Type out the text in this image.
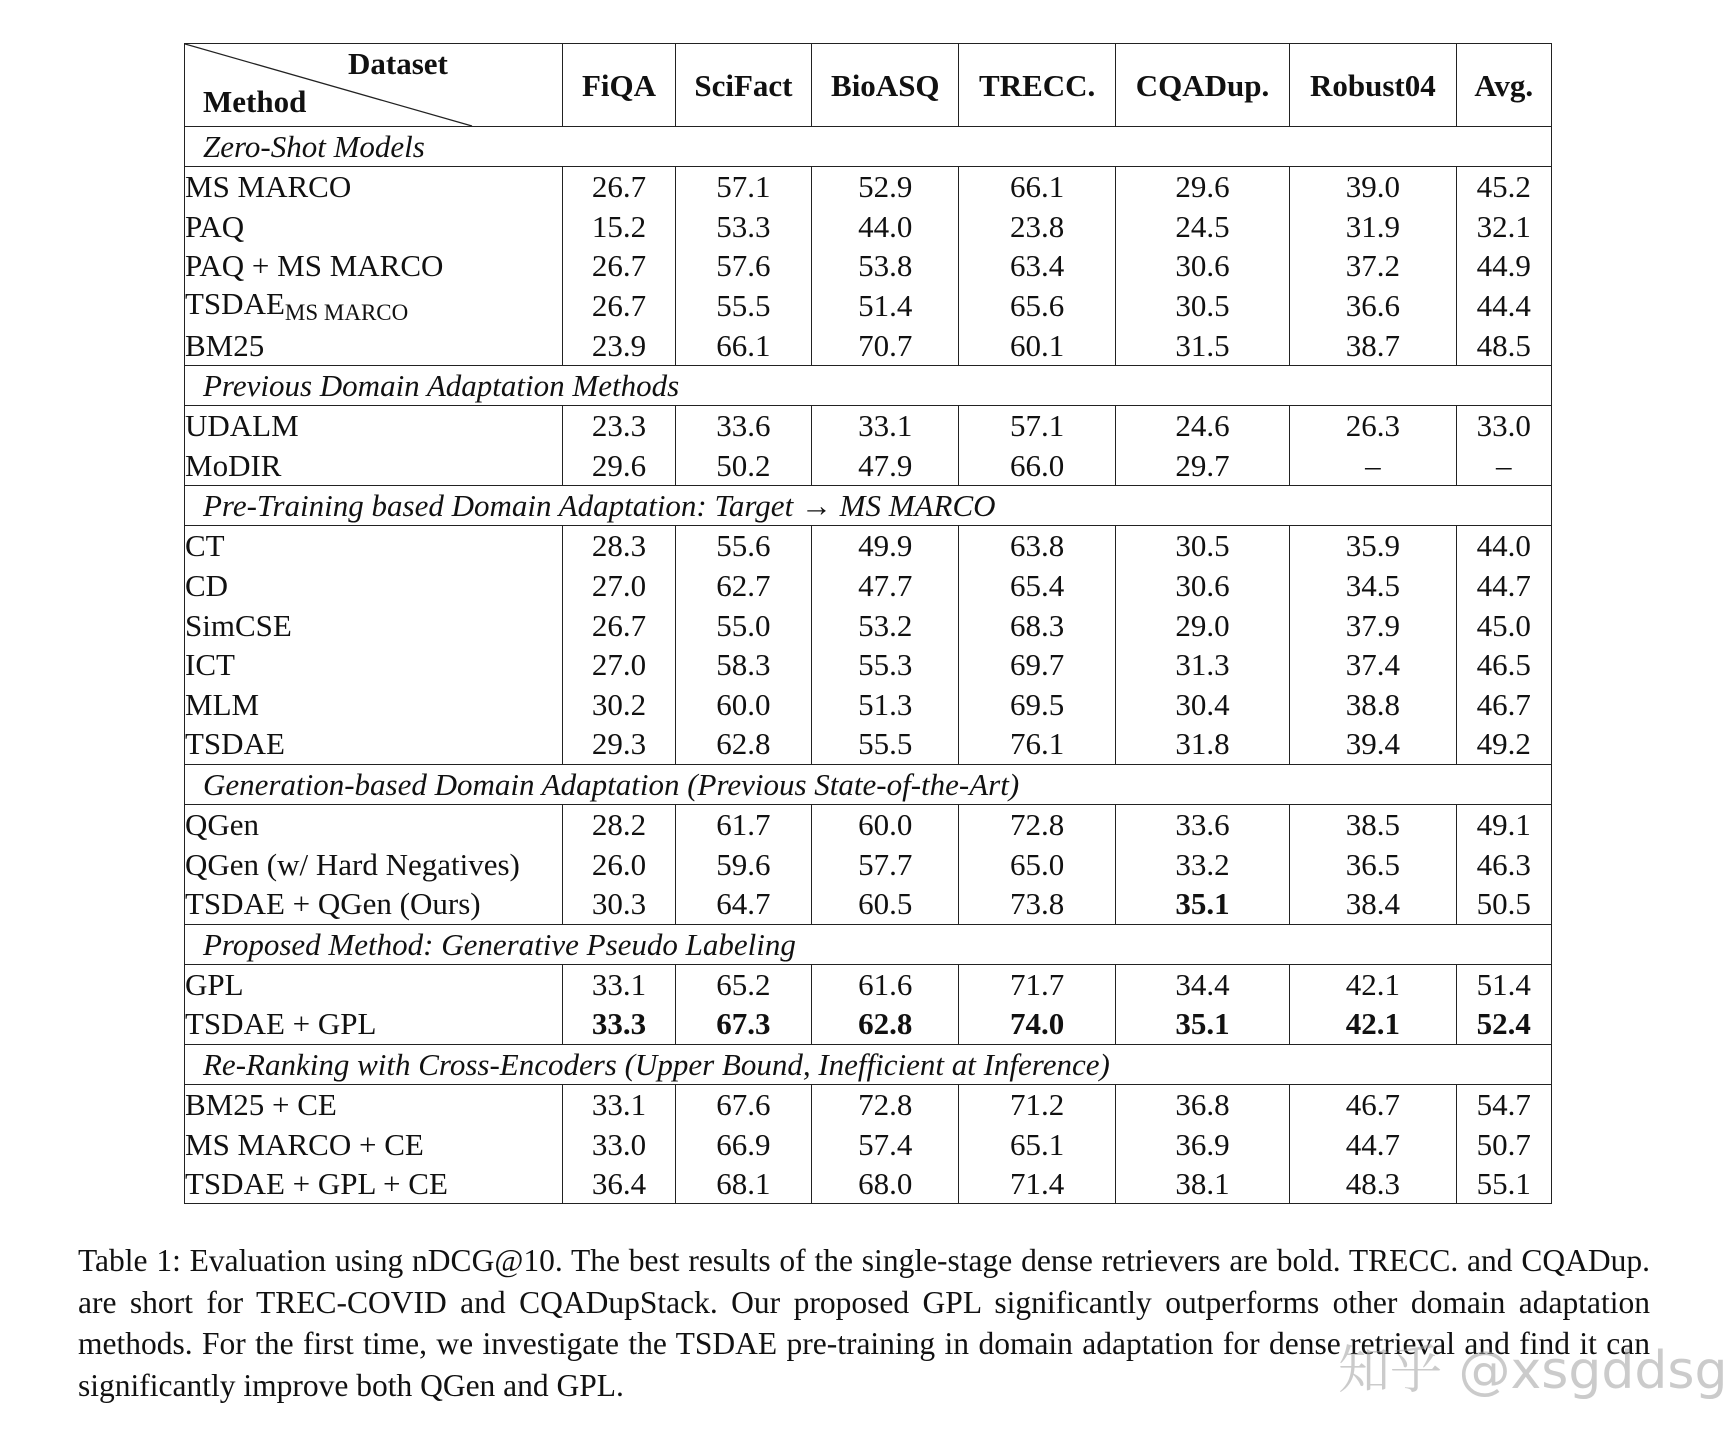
Dataset
Method	FiQA	SciFact	BioASQ	TRECC.	CQADup.	Robust04	Avg.
Zero-Shot Models							
MS MARCO	26.7	57.1	52.9	66.1	29.6	39.0	45.2
PAQ	15.2	53.3	44.0	23.8	24.5	31.9	32.1
PAQ + MS MARCO	26.7	57.6	53.8	63.4	30.6	37.2	44.9
$TSDAE_{MS MARCO}$	26.7	55.5	51.4	65.6	30.5	36.6	44.4
BM25	23.9	66.1	70.7	60.1	31.5	38.7	48.5
Previous Domain Adaptation Methods							
UDALM	23.3	33.6	33.1	57.1	24.6	26.3	33.0
MoDIR	29.6	50.2	47.9	66.0	29.7	–	–
Pre-Training based Domain Adaptation: Target → MS MARCO							
CT	28.3	55.6	49.9	63.8	30.5	35.9	44.0
CD	27.0	62.7	47.7	65.4	30.6	34.5	44.7
SimCSE	26.7	55.0	53.2	68.3	29.0	37.9	45.0
ICT	27.0	58.3	55.3	69.7	31.3	37.4	46.5
MLM	30.2	60.0	51.3	69.5	30.4	38.8	46.7
TSDAE	29.3	62.8	55.5	76.1	31.8	39.4	49.2
Generation-based Domain Adaptation (Previous State-of-the-Art)							
QGen	28.2	61.7	60.0	72.8	33.6	38.5	49.1
QGen (w/ Hard Negatives)	26.0	59.6	57.7	65.0	33.2	36.5	46.3
TSDAE + QGen (Ours)	30.3	64.7	60.5	73.8	35.1	38.4	50.5
Proposed Method: Generative Pseudo Labeling							
GPL	33.1	65.2	61.6	71.7	34.4	42.1	51.4
TSDAE + GPL	33.3	67.3	62.8	74.0	35.1	42.1	52.4
Re-Ranking with Cross-Encoders (Upper Bound, Inefficient at Inference)							
BM25 + CE	33.1	67.6	72.8	71.2	36.8	46.7	54.7
MS MARCO + CE	33.0	66.9	57.4	65.1	36.9	44.7	50.7
TSDAE + GPL + CE	36.4	68.1	68.0	71.4	38.1	48.3	55.1
Table 1: Evaluation using nDCG@10. The best results of the single-stage dense retrievers are bold. TRECC. and CQADup. are short for TREC-COVID and CQADupStack. Our proposed GPL significantly outperforms other domain adaptation methods. For the first time, we investigate the TSDAE pre-training in domain adaptation for dense retrieval and find it can significantly improve both QGen and GPL.	知乎 @xsgddsg
